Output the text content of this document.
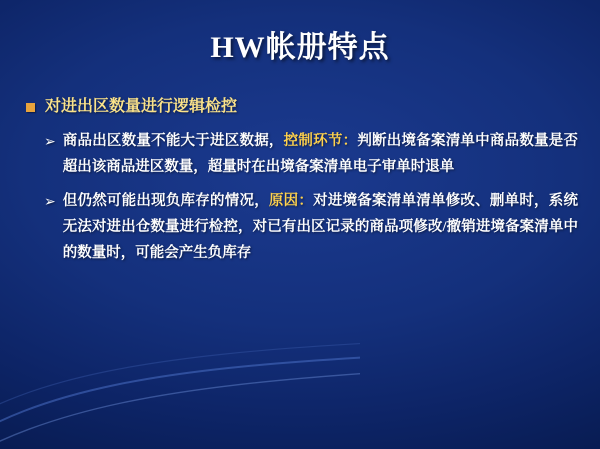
HW帐册特点
对进出区数量进行逻辑检控
➢ 商品出区数量不能大于进区数据，控制环节：判断出境备案清单中商品数量是否超出该商品进区数量，超量时在出境备案清单电子审单时退单
➢ 但仍然可能出现负库存的情况，原因：对进境备案清单清单修改、删单时，系统无法对进出仓数量进行检控，对已有出区记录的商品项修改/撤销进境备案清单中的数量时，可能会产生负库存
